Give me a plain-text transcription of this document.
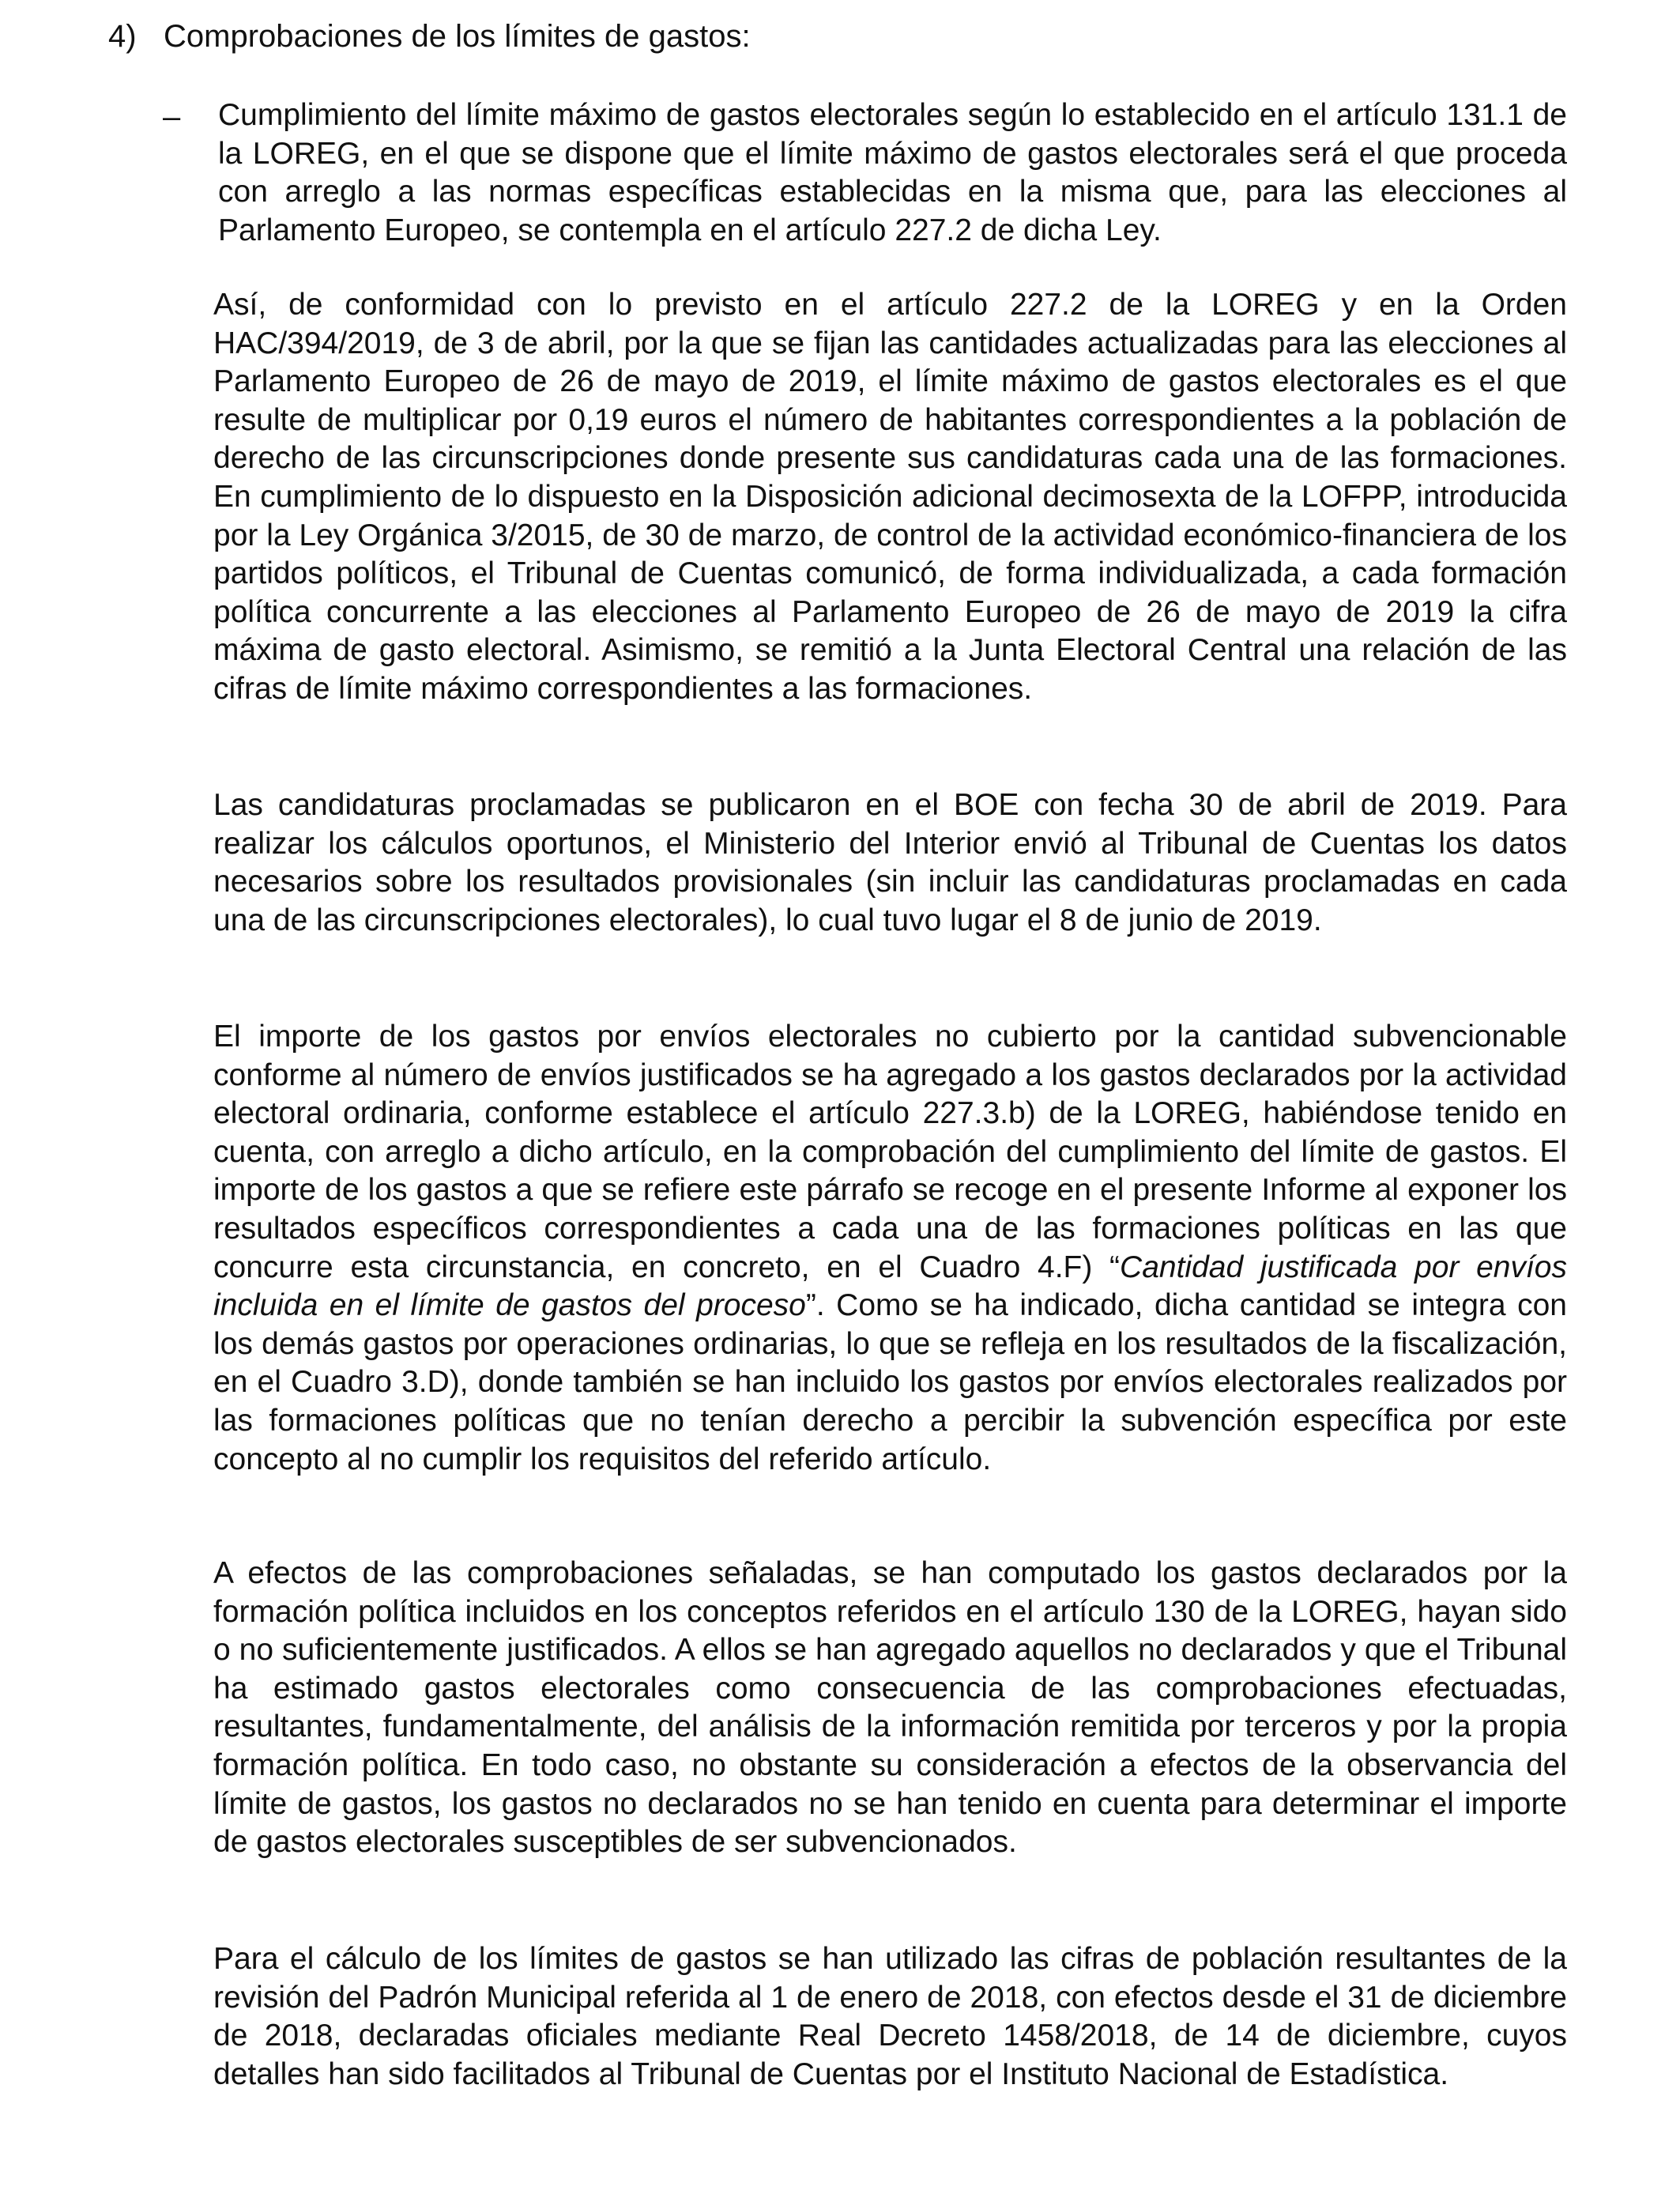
4) Comprobaciones de los límites de gastos:
– Cumplimiento del límite máximo de gastos electorales según lo establecido en el artículo 131.1 de la LOREG, en el que se dispone que el límite máximo de gastos electorales será el que proceda con arreglo a las normas específicas establecidas en la misma que, para las elecciones al Parlamento Europeo, se contempla en el artículo 227.2 de dicha Ley.

Así, de conformidad con lo previsto en el artículo 227.2 de la LOREG y en la Orden HAC/394/2019, de 3 de abril, por la que se fijan las cantidades actualizadas para las elecciones al Parlamento Europeo de 26 de mayo de 2019, el límite máximo de gastos electorales es el que resulte de multiplicar por 0,19 euros el número de habitantes correspondientes a la población de derecho de las circunscripciones donde presente sus candidaturas cada una de las formaciones. En cumplimiento de lo dispuesto en la Disposición adicional decimosexta de la LOFPP, introducida por la Ley Orgánica 3/2015, de 30 de marzo, de control de la actividad económico-financiera de los partidos políticos, el Tribunal de Cuentas comunicó, de forma individualizada, a cada formación política concurrente a las elecciones al Parlamento Europeo de 26 de mayo de 2019 la cifra máxima de gasto electoral. Asimismo, se remitió a la Junta Electoral Central una relación de las cifras de límite máximo correspondientes a las formaciones.

Las candidaturas proclamadas se publicaron en el BOE con fecha 30 de abril de 2019. Para realizar los cálculos oportunos, el Ministerio del Interior envió al Tribunal de Cuentas los datos necesarios sobre los resultados provisionales (sin incluir las candidaturas proclamadas en cada una de las circunscripciones electorales), lo cual tuvo lugar el 8 de junio de 2019.

El importe de los gastos por envíos electorales no cubierto por la cantidad subvencionable conforme al número de envíos justificados se ha agregado a los gastos declarados por la actividad electoral ordinaria, conforme establece el artículo 227.3.b) de la LOREG, habiéndose tenido en cuenta, con arreglo a dicho artículo, en la comprobación del cumplimiento del límite de gastos. El importe de los gastos a que se refiere este párrafo se recoge en el presente Informe al exponer los resultados específicos correspondientes a cada una de las formaciones políticas en las que concurre esta circunstancia, en concreto, en el Cuadro 4.F) “Cantidad justificada por envíos incluida en el límite de gastos del proceso”. Como se ha indicado, dicha cantidad se integra con los demás gastos por operaciones ordinarias, lo que se refleja en los resultados de la fiscalización, en el Cuadro 3.D), donde también se han incluido los gastos por envíos electorales realizados por las formaciones políticas que no tenían derecho a percibir la subvención específica por este concepto al no cumplir los requisitos del referido artículo.

A efectos de las comprobaciones señaladas, se han computado los gastos declarados por la formación política incluidos en los conceptos referidos en el artículo 130 de la LOREG, hayan sido o no suficientemente justificados. A ellos se han agregado aquellos no declarados y que el Tribunal ha estimado gastos electorales como consecuencia de las comprobaciones efectuadas, resultantes, fundamentalmente, del análisis de la información remitida por terceros y por la propia formación política. En todo caso, no obstante su consideración a efectos de la observancia del límite de gastos, los gastos no declarados no se han tenido en cuenta para determinar el importe de gastos electorales susceptibles de ser subvencionados.

Para el cálculo de los límites de gastos se han utilizado las cifras de población resultantes de la revisión del Padrón Municipal referida al 1 de enero de 2018, con efectos desde el 31 de diciembre de 2018, declaradas oficiales mediante Real Decreto 1458/2018, de 14 de diciembre, cuyos detalles han sido facilitados al Tribunal de Cuentas por el Instituto Nacional de Estadística.
